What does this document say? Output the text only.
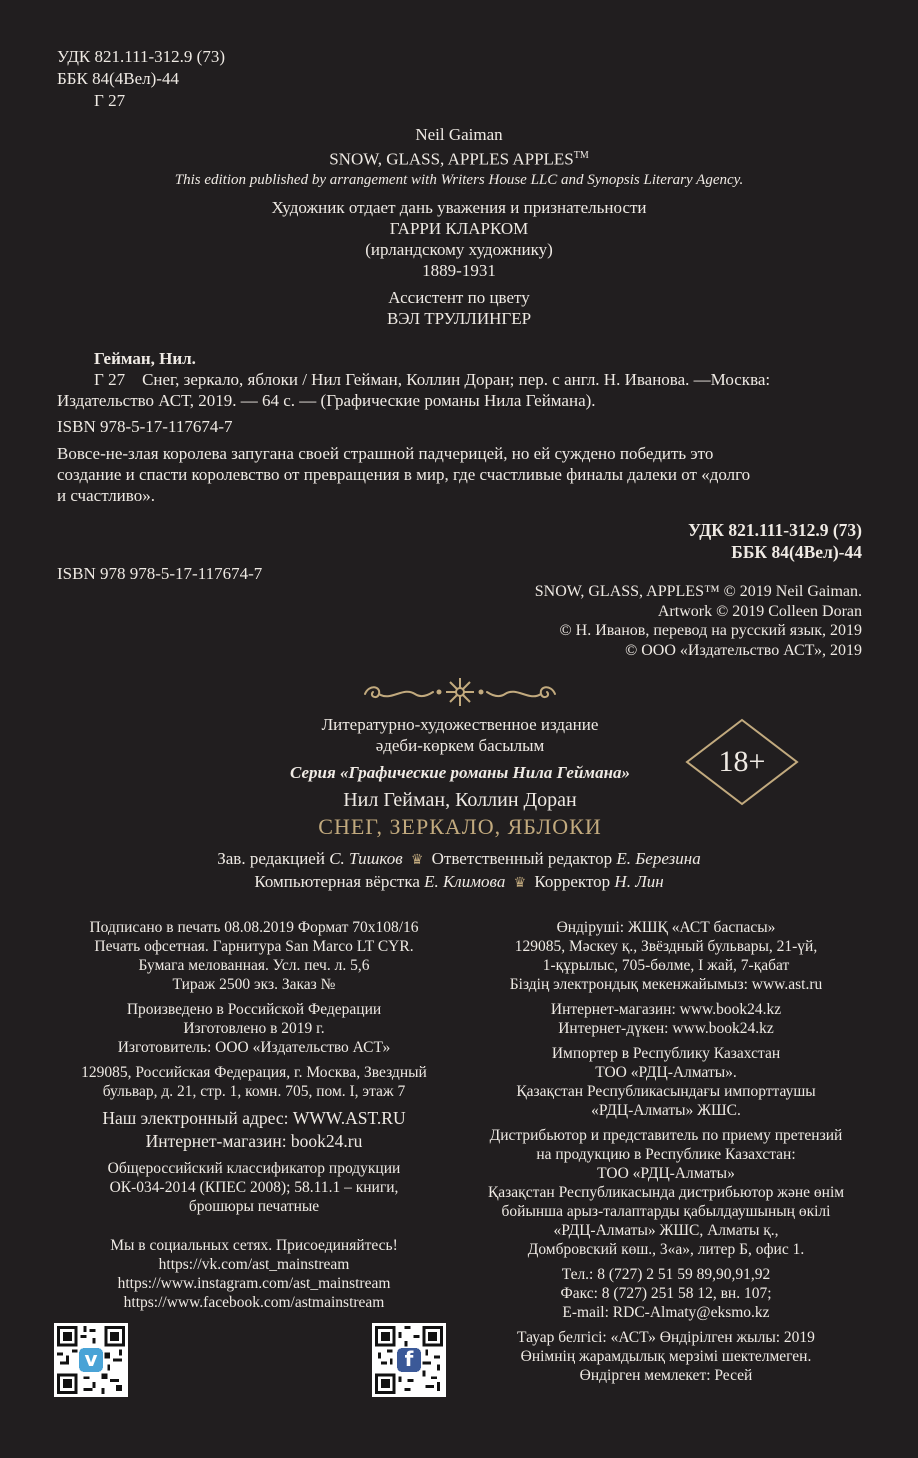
УДК 821.111-312.9 (73)
ББК 84(4Вел)-44
Г 27
Neil Gaiman
SNOW, GLASS, APPLES APPLES™
This edition published by arrangement with Writers House LLC and Synopsis Literary Agency.
Художник отдает дань уважения и признательности
ГАРРИ КЛАРКОМ
(ирландскому художнику)
1889-1931
Ассистент по цвету
ВЭЛ ТРУЛЛИНГЕР

Гейман, Нил.

Г 27 Снег, зеркало, яблоки / Нил Гейман, Коллин Доран; пер. с англ. Н. Иванова. —Москва:

Издательство АСТ, 2019. — 64 с. — (Графические романы Нила Геймана).

ISBN 978-5-17-117674-7

Вовсе-не-злая королева запугана своей страшной падчерицей, но ей суждено победить это

создание и спасти королевство от превращения в мир, где счастливые финалы далеки от «долго

и счастливо».

УДК 821.111-312.9 (73)
ББК 84(4Вел)-44
ISBN 978 978-5-17-117674-7
SNOW, GLASS, APPLES™ © 2019 Neil Gaiman.
Artwork © 2019 Colleen Doran
© Н. Иванов, перевод на русский язык, 2019
© ООО «Издательство АСТ», 2019
Литературно-художественное издание
әдеби-көркем басылым
Серия «Графические романы Нила Геймана»
Нил Гейман, Коллин Доран
СНЕГ, ЗЕРКАЛО, ЯБЛОКИ
18+
Зав. редакцией С. Тишков ♛ Ответственный редактор Е. Березина
Компьютерная вёрстка Е. Климова ♛ Корректор Н. Лин

Подписано в печать 08.08.2019 Формат 70х108/16
Печать офсетная. Гарнитура San Marco LT CYR.
Бумага мелованная. Усл. печ. л. 5,6
Тираж 2500 экз. Заказ №

Произведено в Российской Федерации
Изготовлено в 2019 г.
Изготовитель: ООО «Издательство АСТ»

129085, Российская Федерация, г. Москва, Звездный
бульвар, д. 21, стр. 1, комн. 705, пом. I, этаж 7

Наш электронный адрес: WWW.AST.RU
Интернет-магазин: book24.ru

Общероссийский классификатор продукции
ОК-034-2014 (КПЕС 2008); 58.11.1 – книги,
брошюры печатные

Мы в социальных сетях. Присоединяйтесь!
https://vk.com/ast_mainstream
https://www.instagram.com/ast_mainstream
https://www.facebook.com/astmainstream

Өндіруші: ЖШҚ «АСТ баспасы»
129085, Мәскеу қ., Звёздный бульвары, 21-үй,
1-құрылыс, 705-бөлме, I жай, 7-қабат
Біздің электрондық мекенжайымыз: www.ast.ru

Интернет-магазин: www.book24.kz
Интернет-дүкен: www.book24.kz

Импортер в Республику Казахстан
ТОО «РДЦ-Алматы».
Қазақстан Республикасындағы импорттаушы
«РДЦ-Алматы» ЖШС.

Дистрибьютор и представитель по приему претензий
на продукцию в Республике Казахстан:
ТОО «РДЦ-Алматы»
Қазақстан Республикасында дистрибьютор және өнім
бойынша арыз-талаптарды қабылдаушының өкілі
«РДЦ-Алматы» ЖШС, Алматы қ.,
Домбровский көш., 3«а», литер Б, офис 1.

Тел.: 8 (727) 2 51 59 89,90,91,92
Факс: 8 (727) 251 58 12, вн. 107;
E-mail: RDC-Almaty@eksmo.kz

Тауар белгісі: «АСТ» Өндірілген жылы: 2019
Өнімнің жарамдылық мерзімі шектелмеген.
Өндірген мемлекет: Ресей

v	f
